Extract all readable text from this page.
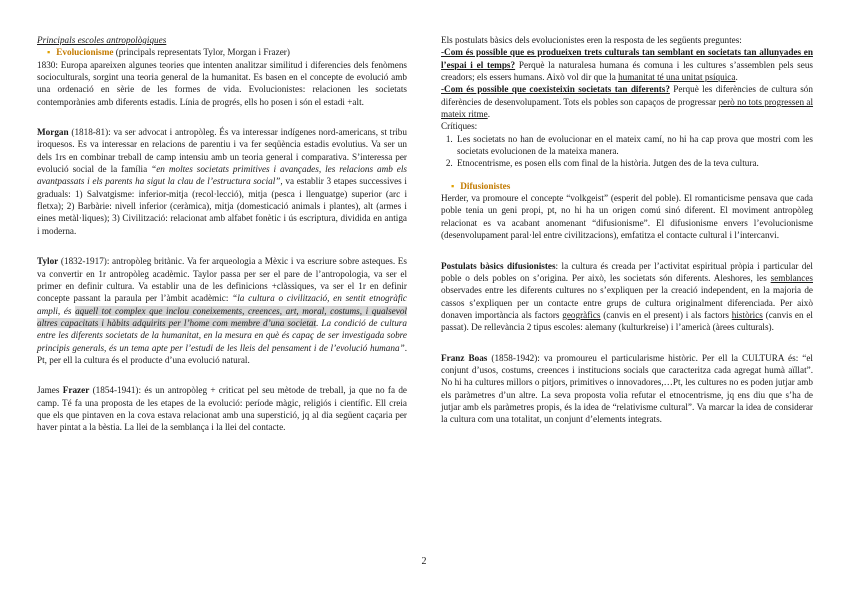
Principals escoles antropològiques

▪ Evolucionisme (principals representats Tylor, Morgan i Frazer)

1830: Europa apareixen algunes teories que intenten analitzar similitud i diferencies dels fenòmens socioculturals, sorgint una teoria general de la humanitat. Es basen en el concepte de evolució amb una ordenació en sèrie de les formes de vida. Evolucionistes: relacionen les societats contemporànies amb diferents estadis. Línia de progrés, ells ho posen i són el estadi +alt.

Morgan (1818-81): va ser advocat i antropòleg. És va interessar indígenes nord-americans, st tribu iroquesos. Es va interessar en relacions de parentiu i va fer seqüència estadis evolutius. Va ser un dels 1rs en combinar treball de camp intensiu amb un teoria general i comparativa. S’interessa per evolució social de la família “en moltes societats primitives i avançades, les relacions amb els avantpassats i els parents ha sigut la clau de l’estructura social”, va establir 3 etapes successives i graduals: 1) Salvatgisme: inferior-mitja (recol·lecció), mitja (pesca i llenguatge) superior (arc i fletxa); 2) Barbàrie: nivell inferior (ceràmica), mitja (domesticació animals i plantes), alt (armes i eines metàl·liques); 3) Civilització: relacionat amb alfabet fonètic i ús escriptura, dividida en antiga i moderna.

Tylor (1832-1917): antropòleg britànic. Va fer arqueologia a Mèxic i va escriure sobre asteques. Es va convertir en 1r antropòleg acadèmic. Taylor passa per ser el pare de l’antropologia, va ser el primer en definir cultura. Va establir una de les definicions +clàssiques, va ser el 1r en definir concepte passant la paraula per l’àmbit acadèmic: “la cultura o civilització, en sentit etnogràfic ampli, és aquell tot complex que inclou coneixements, creences, art, moral, costums, i qualsevol altres capacitats i hàbits adquirits per l’home com membre d’una societat. La condició de cultura entre les diferents societats de la humanitat, en la mesura en què és capaç de ser investigada sobre principis generals, és un tema apte per l’estudi de les lleis del pensament i de l’evolució humana”. Pt, per ell la cultura és el producte d’una evolució natural.

James Frazer (1854-1941): és un antropòleg + criticat pel seu mètode de treball, ja que no fa de camp. Té fa una proposta de les etapes de la evolució: període màgic, religiós i científic. Ell creia que els que pintaven en la cova estava relacionat amb una superstició, jq al dia següent caçaria per haver pintat a la bèstia. La llei de la semblança i la llei del contacte.

Els postulats bàsics dels evolucionistes eren la resposta de les següents preguntes:

-Com és possible que es produeixen trets culturals tan semblant en societats tan allunyades en l’espai i el temps? Perquè la naturalesa humana és comuna i les cultures s’assemblen pels seus creadors; els essers humans. Això vol dir que la humanitat té una unitat psíquica.

-Com és possible que coexisteixin societats tan diferents? Perquè les diferències de cultura són diferències de desenvolupament. Tots els pobles son capaços de progressar però no tots progressen al mateix ritme.

Crítiques:

1. Les societats no han de evolucionar en el mateix camí, no hi ha cap prova que mostri com les societats evolucionen de la mateixa manera.
2. Etnocentrisme, es posen ells com final de la història. Jutgen des de la teva cultura.

▪ Difusionistes

Herder, va promoure el concepte “volkgeist” (esperit del poble). El romanticisme pensava que cada poble tenia un geni propi, pt, no hi ha un origen comú sinó diferent. El moviment antropòleg relacionat es va acabant anomenant “difusionisme”. El difusionisme envers l’evolucionisme (desenvolupament paral·lel entre civilitzacions), emfatitza el contacte cultural i l’intercanvi.

Postulats bàsics difusionistes: la cultura és creada per l’activitat espiritual pròpia i particular del poble o dels pobles on s’origina. Per això, les societats són diferents. Aleshores, les semblances observades entre les diferents cultures no s’expliquen per la creació independent, en la majoria de cassos s’expliquen per un contacte entre grups de cultura originalment diferenciada. Per això donaven importància als factors geogràfics (canvis en el present) i als factors històrics (canvis en el passat). De rellevància 2 tipus escoles: alemany (kulturkreise) i l’americà (àrees culturals).

Franz Boas (1858-1942): va promoureu el particularisme històric. Per ell la CULTURA és: “el conjunt d’usos, costums, creences i institucions socials que caracteritza cada agregat humà aïllat”. No hi ha cultures millors o pitjors, primitives o innovadores,…Pt, les cultures no es poden jutjar amb els paràmetres d’un altre. La seva proposta volia refutar el etnocentrisme, jq ens diu que s’ha de jutjar amb els paràmetres propis, és la idea de “relativisme cultural”. Va marcar la idea de considerar la cultura com una totalitat, un conjunt d’elements integrats.

2
